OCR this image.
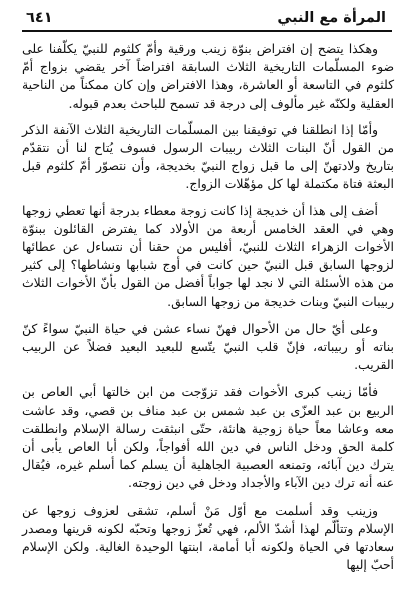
المرأة مع النبي
٦٤١

وهكذا يتضح إن افتراض بنوّة زينب ورقية وأمّ كلثوم للنبيّ يكلّفنا على ضوء المسلّمات التاريخية الثلاث السابقة افتراضاً آخر يقضي بزواج أمّ كلثوم في التاسعة أو العاشرة، وهذا الافتراض وإن كان ممكناً من الناحية العقلية ولكنّه غير مألوف إلى درجة قد تسمح للباحث بعدم قبوله.

وأمّا إذا انطلقنا في توفيقنا بين المسلّمات التاريخية الثلاث الآنفة الذكر من القول أنّ البنات الثلاث ربيبات الرسول فسوف يُتاح لنا أن نتقدّم بتاريخ ولادتهنّ إلى ما قبل زواج النبيّ بخديجة، وأن نتصوّر أمّ كلثوم قبل البعثة فتاة مكتملة لها كل مؤهّلات الزواج.

أضف إلى هذا أن خديجة إذا كانت زوجة معطاء بدرجة أنها تعطي زوجها وهي في العقد الخامس أربعة من الأولاد كما يفترض القائلون ببنوّة الأخوات الزهراء الثلاث للنبيّ، أفليس من حقنا أن نتساءل عن عطائها لزوجها السابق قبل النبيّ حين كانت في أوج شبابها ونشاطها؟ إلى كثير من هذه الأسئلة التي لا نجد لها جواباً أفضل من القول بأنّ الأخوات الثلاث ربيبات النبيّ وبنات خديجة من زوجها السابق.

وعلى أيّ حال من الأحوال فهنّ نساء عشن في حياة النبيّ سواءً كنّ بناته أو ربيباته، فإنّ قلب النبيّ يتّسع للبعيد البعيد فضلاً عن الربيب القريب.

فأمّا زينب كبرى الأخوات فقد تزوّجت من ابن خالتها أبي العاص بن الربيع بن عبد العزّى بن عبد شمس بن عبد مناف بن قصي، وقد عاشت معه وعاشا معاً حياة زوجية هانئة، حتّى انبثقت رسالة الإسلام وانطلقت كلمة الحق ودخل الناس في دين الله أفواجاً، ولكن أبا العاص يأبى أن يترك دين آبائه، وتمنعه العصبية الجاهلية أن يسلم كما أسلم غيره، فيُقال عنه أنه ترك دين الآباء والأجداد ودخل في دين زوجته.

وزينب وقد أسلمت مع أوّل مَنْ أسلم، تشقى لعزوف زوجها عن الإسلام وتتألّم لهذا أشدّ الألم، فهي تُعزّ زوجها وتحبّه لكونه قرينها ومصدر سعادتها في الحياة ولكونه أبا أمامة، ابنتها الوحيدة الغالية. ولكن الإسلام أحبّ إليها
